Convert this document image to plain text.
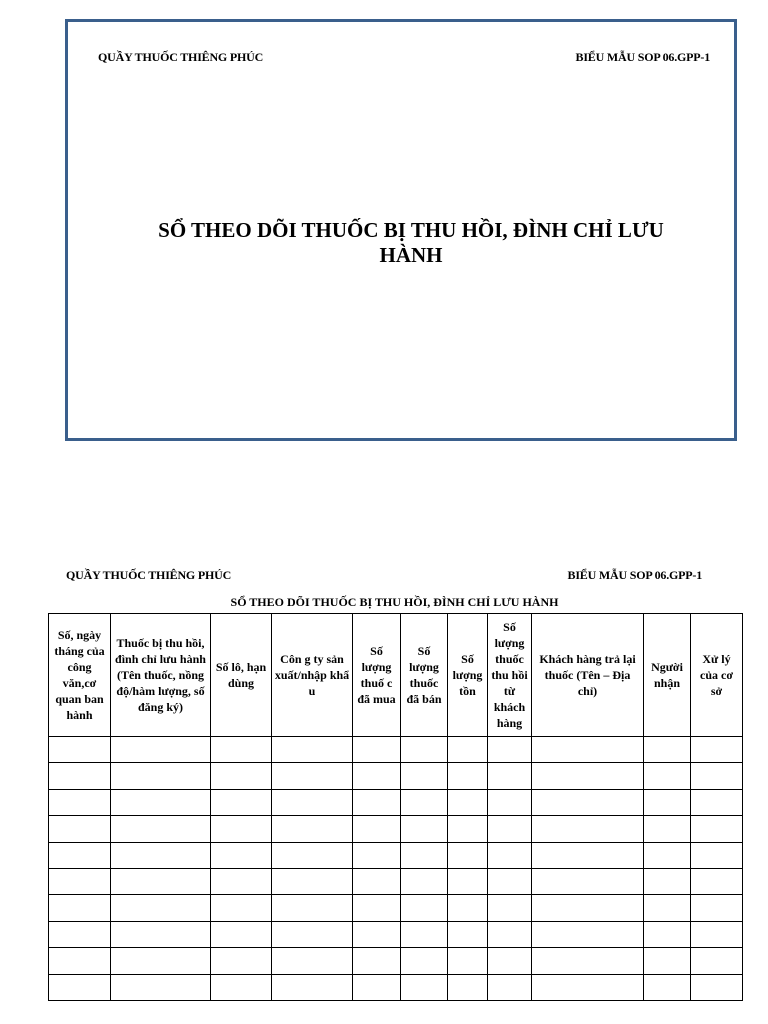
QUẦY THUỐC THIÊNG PHÚC	BIỂU MẪU SOP 06.GPP-1
SỔ THEO DÕI THUỐC BỊ THU HỒI, ĐÌNH CHỈ LƯU HÀNH
QUẦY THUỐC THIÊNG PHÚC	BIỂU MẪU SOP 06.GPP-1
SỔ THEO DÕI THUỐC BỊ THU HỒI, ĐÌNH CHỈ LƯU HÀNH
Số, ngày tháng của công văn,cơ quan ban hành	Thuốc bị thu hồi, đình chỉ lưu hành (Tên thuốc, nồng độ/hàm lượng, số đăng ký)	Số lô, hạn dùng	Côn g ty sản xuất/nhập khẩ u	Số lượng thuố c đã mua	Số lượng thuốc đã bán	Số lượng tồn	Số lượng thuốc thu hồi từ khách hàng	Khách hàng trả lại thuốc (Tên – Địa chỉ)	Người nhận	Xử lý của cơ sở
